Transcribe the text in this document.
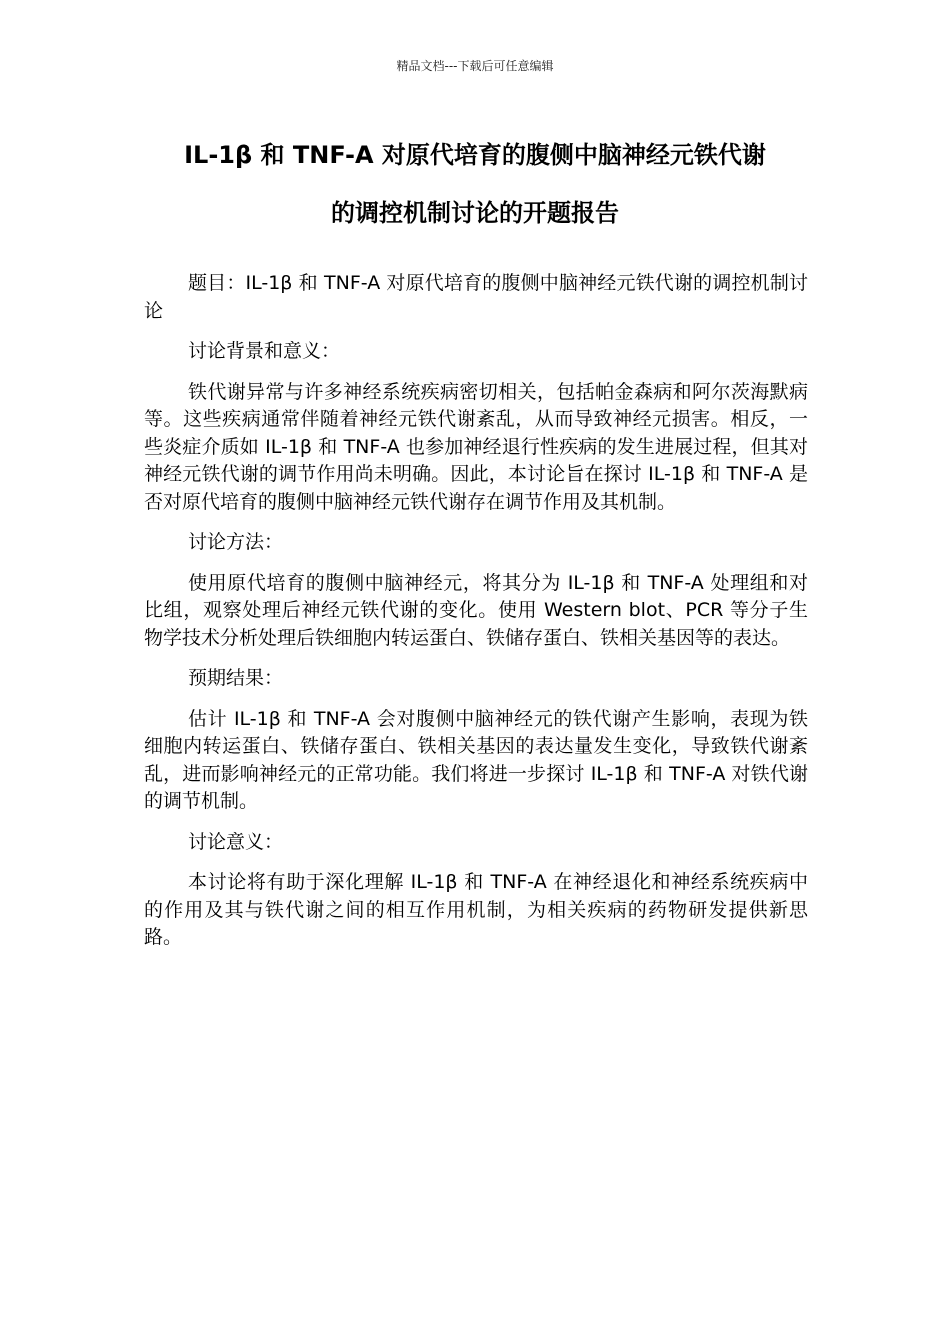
精品文档---下载后可任意编辑
IL-1β 和 TNF-A 对原代培育的腹侧中脑神经元铁代谢
的调控机制讨论的开题报告

题目：IL-1β 和 TNF-A 对原代培育的腹侧中脑神经元铁代谢的调控机制讨论

讨论背景和意义：

铁代谢异常与许多神经系统疾病密切相关，包括帕金森病和阿尔茨海默病等。这些疾病通常伴随着神经元铁代谢紊乱，从而导致神经元损害。相反，一些炎症介质如 IL-1β 和 TNF-A 也参加神经退行性疾病的发生进展过程，但其对神经元铁代谢的调节作用尚未明确。因此，本讨论旨在探讨 IL-1β 和 TNF-A 是否对原代培育的腹侧中脑神经元铁代谢存在调节作用及其机制。

讨论方法：

使用原代培育的腹侧中脑神经元，将其分为 IL-1β 和 TNF-A 处理组和对比组，观察处理后神经元铁代谢的变化。使用 Western blot、PCR 等分子生物学技术分析处理后铁细胞内转运蛋白、铁储存蛋白、铁相关基因等的表达。

预期结果：

估计 IL-1β 和 TNF-A 会对腹侧中脑神经元的铁代谢产生影响，表现为铁细胞内转运蛋白、铁储存蛋白、铁相关基因的表达量发生变化，导致铁代谢紊乱，进而影响神经元的正常功能。我们将进一步探讨 IL-1β 和 TNF-A 对铁代谢的调节机制。

讨论意义：

本讨论将有助于深化理解 IL-1β 和 TNF-A 在神经退化和神经系统疾病中的作用及其与铁代谢之间的相互作用机制，为相关疾病的药物研发提供新思路。
